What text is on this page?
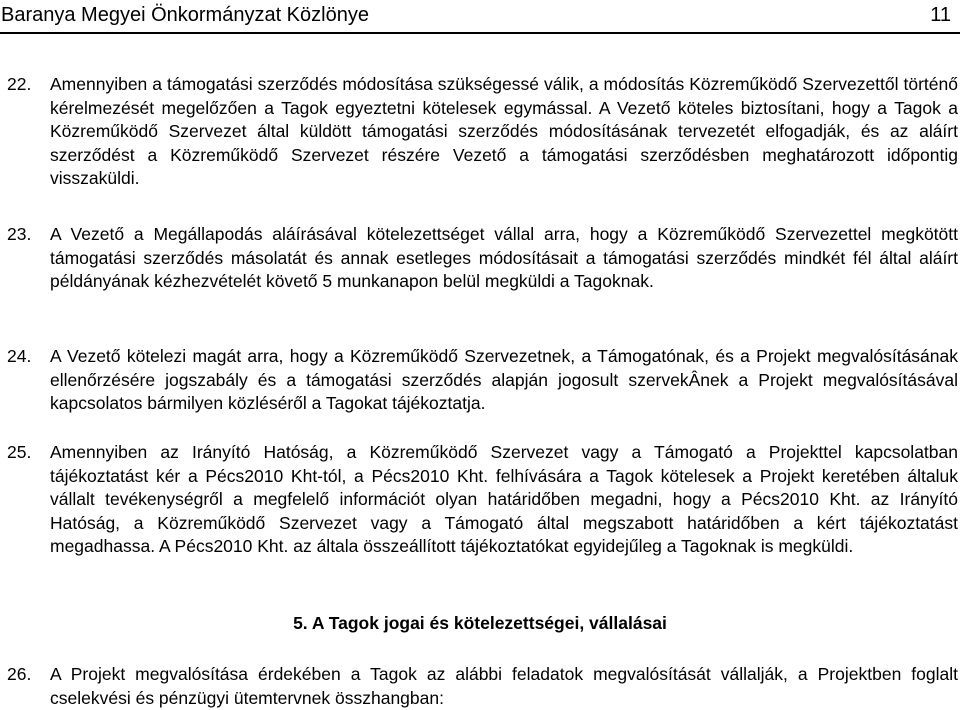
Baranya Megyei Önkormányzat Közlönye	11
22. Amennyiben a támogatási szerződés módosítása szükségessé válik, a módosítás Közreműködő Szervezettől történő kérelmezését megelőzően a Tagok egyeztetni kötelesek egymással. A Vezető köteles biztosítani, hogy a Tagok a Közreműködő Szervezet által küldött támogatási szerződés módosításának tervezetét elfogadják, és az aláírt szerződést a Közreműködő Szervezet részére Vezető a támogatási szerződésben meghatározott időpontig visszaküldi.
23. A Vezető a Megállapodás aláírásával kötelezettséget vállal arra, hogy a Közreműködő Szervezettel megkötött támogatási szerződés másolatát és annak esetleges módosításait a támogatási szerződés mindkét fél által aláírt példányának kézhezvételét követő 5 munkanapon belül megküldi a Tagoknak.
24. A Vezető kötelezi magát arra, hogy a Közreműködő Szervezetnek, a Támogatónak, és a Projekt megvalósításának ellenőrzésére jogszabály és a támogatási szerződés alapján jogosult szervekÂnek a Projekt megvalósításával kapcsolatos bármilyen közléséről a Tagokat tájékoztatja.
25. Amennyiben az Irányító Hatóság, a Közreműködő Szervezet vagy a Támogató a Projekttel kapcsolatban tájékoztatást kér a Pécs2010 Kht-tól, a Pécs2010 Kht. felhívására a Tagok kötelesek a Projekt keretében általuk vállalt tevékenységről a megfelelő információt olyan határidőben megadni, hogy a Pécs2010 Kht. az Irányító Hatóság, a Közreműködő Szervezet vagy a Támogató által megszabott határidőben a kért tájékoztatást megadhassa. A Pécs2010 Kht. az általa összeállított tájékoztatókat egyidejűleg a Tagoknak is megküldi.
5. A Tagok jogai és kötelezettségei, vállalásai
26. A Projekt megvalósítása érdekében a Tagok az alábbi feladatok megvalósítását vállalják, a Projektben foglalt cselekvési és pénzügyi ütemtervnek összhangban:
